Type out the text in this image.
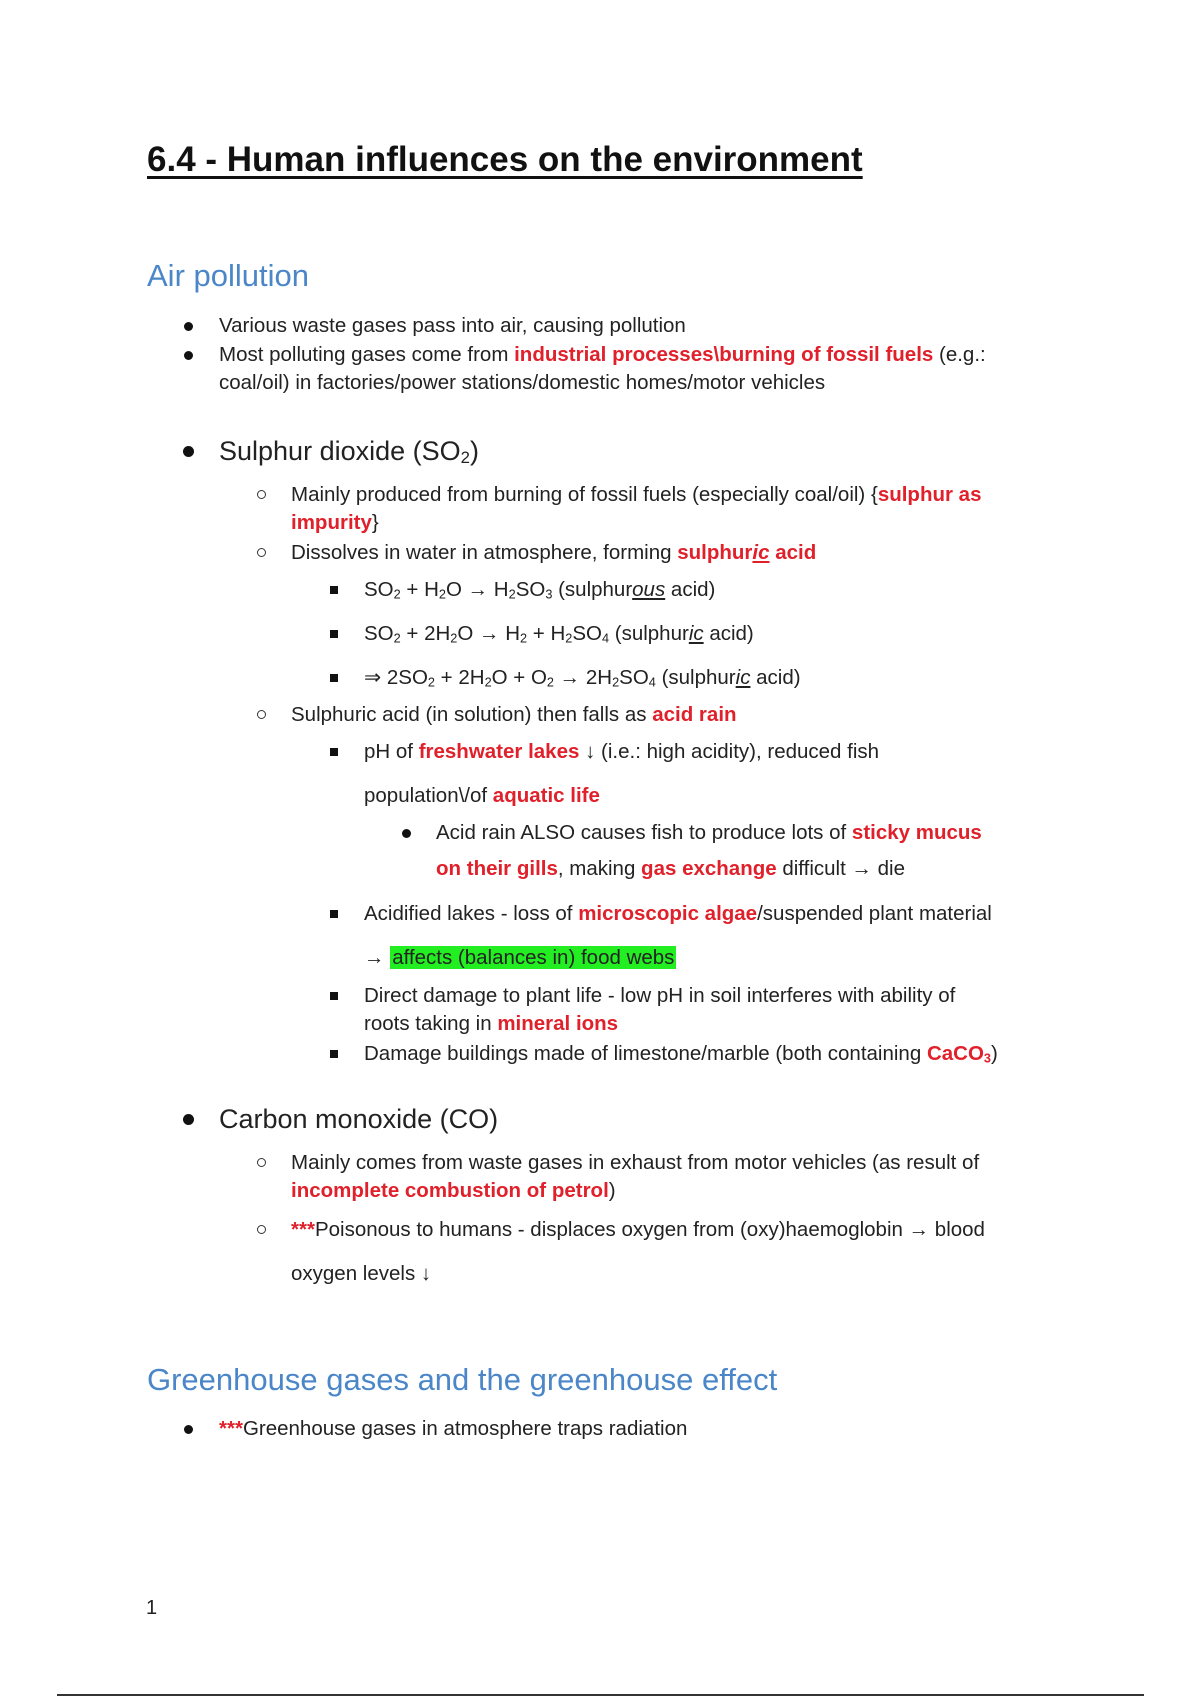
6.4 - Human influences on the environment
Air pollution
Various waste gases pass into air, causing pollution
Most polluting gases come from industrial processes\burning of fossil fuels (e.g.:
coal/oil) in factories/power stations/domestic homes/motor vehicles
Sulphur dioxide $(SO_2)$
Mainly produced from burning of fossil fuels (especially coal/oil) {sulphur as
impurity}
Dissolves in water in atmosphere, forming sulphuric acid
$SO_2 + H_2O \to H_2SO_3$ (sulphurous acid)
$SO_2 + 2H_2O \to H_2 + H_2SO_4$ (sulphuric acid)
⇒ $2SO_2 + 2H_2O + O_2 \to 2H_2SO_4$ (sulphuric acid)
Sulphuric acid (in solution) then falls as acid rain
pH of freshwater lakes ↓ (i.e.: high acidity), reduced fish
population\/of aquatic life
Acid rain ALSO causes fish to produce lots of sticky mucus
on their gills, making gas exchange difficult → die
Acidified lakes - loss of microscopic algae/suspended plant material
→ affects (balances in) food webs
Direct damage to plant life - low pH in soil interferes with ability of
roots taking in mineral ions
Damage buildings made of limestone/marble (both containing CaCO$_3$)
Carbon monoxide (CO)
Mainly comes from waste gases in exhaust from motor vehicles (as result of
incomplete combustion of petrol)
***Poisonous to humans - displaces oxygen from (oxy)haemoglobin → blood
oxygen levels ↓
Greenhouse gases and the greenhouse effect
***Greenhouse gases in atmosphere traps radiation
1
